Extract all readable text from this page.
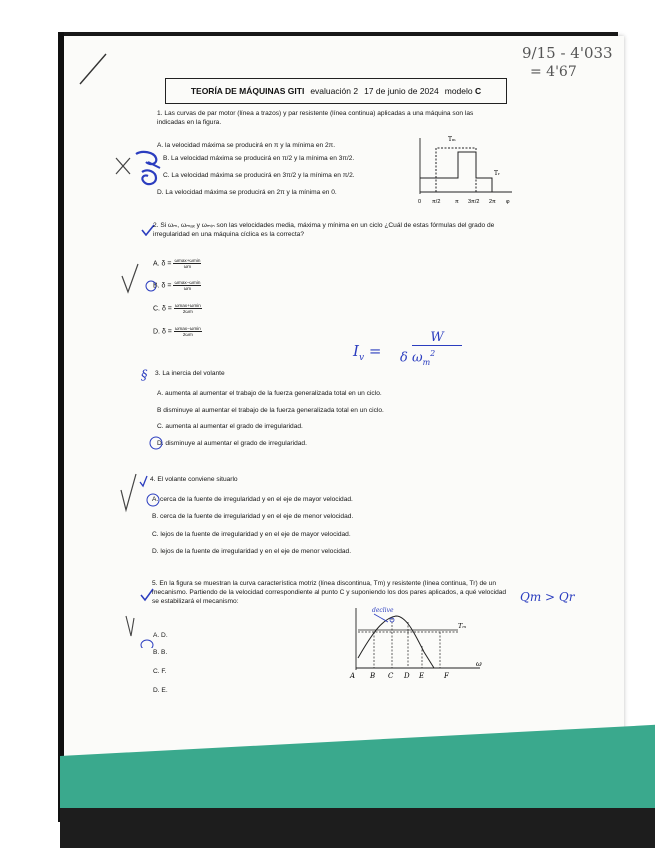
9/15 - 4'033
= 4'67
TEORÍA DE MÁQUINAS GITI evaluación 2 17 de junio de 2024 modelo C
1. Las curvas de par motor (línea a trazos) y par resistente (línea continua) aplicadas a una máquina son las indicadas en la figura.
A. la velocidad máxima se producirá en π y la mínima en 2π.
B. La velocidad máxima se producirá en π/2 y la mínima en 3π/2.
C. La velocidad máxima se producirá en 3π/2 y la mínima en π/2.
D. La velocidad máxima se producirá en 2π y la mínima en 0.
Tₘ
Tᵣ
0 π/2	π 3π/2 2π φ
2. Si ωₘ, ωₘₐₓ y ωₘᵢₙ son las velocidades media, máxima y mínima en un ciclo ¿Cuál de estas fórmulas del grado de irregularidad en una máquina cíclica es la correcta?
A. $\delta = \frac{\omega\max+\omega\min}{\omega m}$
B. $\delta = \frac{\omega\max-\omega\min}{\omega m}$
C. $\delta = \frac{\omega\max+\omega\min}{2\omega m}$
D. $\delta = \frac{\omega\max-\omega\min}{2\omega m}$
$I_v$ =
W
δ $\omega_m^2$
§ 3. La inercia del volante
A. aumenta al aumentar el trabajo de la fuerza generalizada total en un ciclo.
B disminuye al aumentar el trabajo de la fuerza generalizada total en un ciclo.
C. aumenta al aumentar el grado de irregularidad.
D. disminuye al aumentar el grado de irregularidad.
4. El volante conviene situarlo
A. cerca de la fuente de irregularidad y en el eje de mayor velocidad.
B. cerca de la fuente de irregularidad y en el eje de menor velocidad.
C. lejos de la fuente de irregularidad y en el eje de mayor velocidad.
D. lejos de la fuente de irregularidad y en el eje de menor velocidad.
5. En la figura se muestran la curva característica motriz (línea discontinua, Tm) y resistente (línea continua, Tr) de un mecanismo. Partiendo de la velocidad correspondiente al punto C y suponiendo los dos pares aplicados, a qué velocidad se estabilizará el mecanismo:
A. D.
B. B.
C. F.
D. E.
Qm > Qr
Tₘ
A B C D E	F
ω
declive
